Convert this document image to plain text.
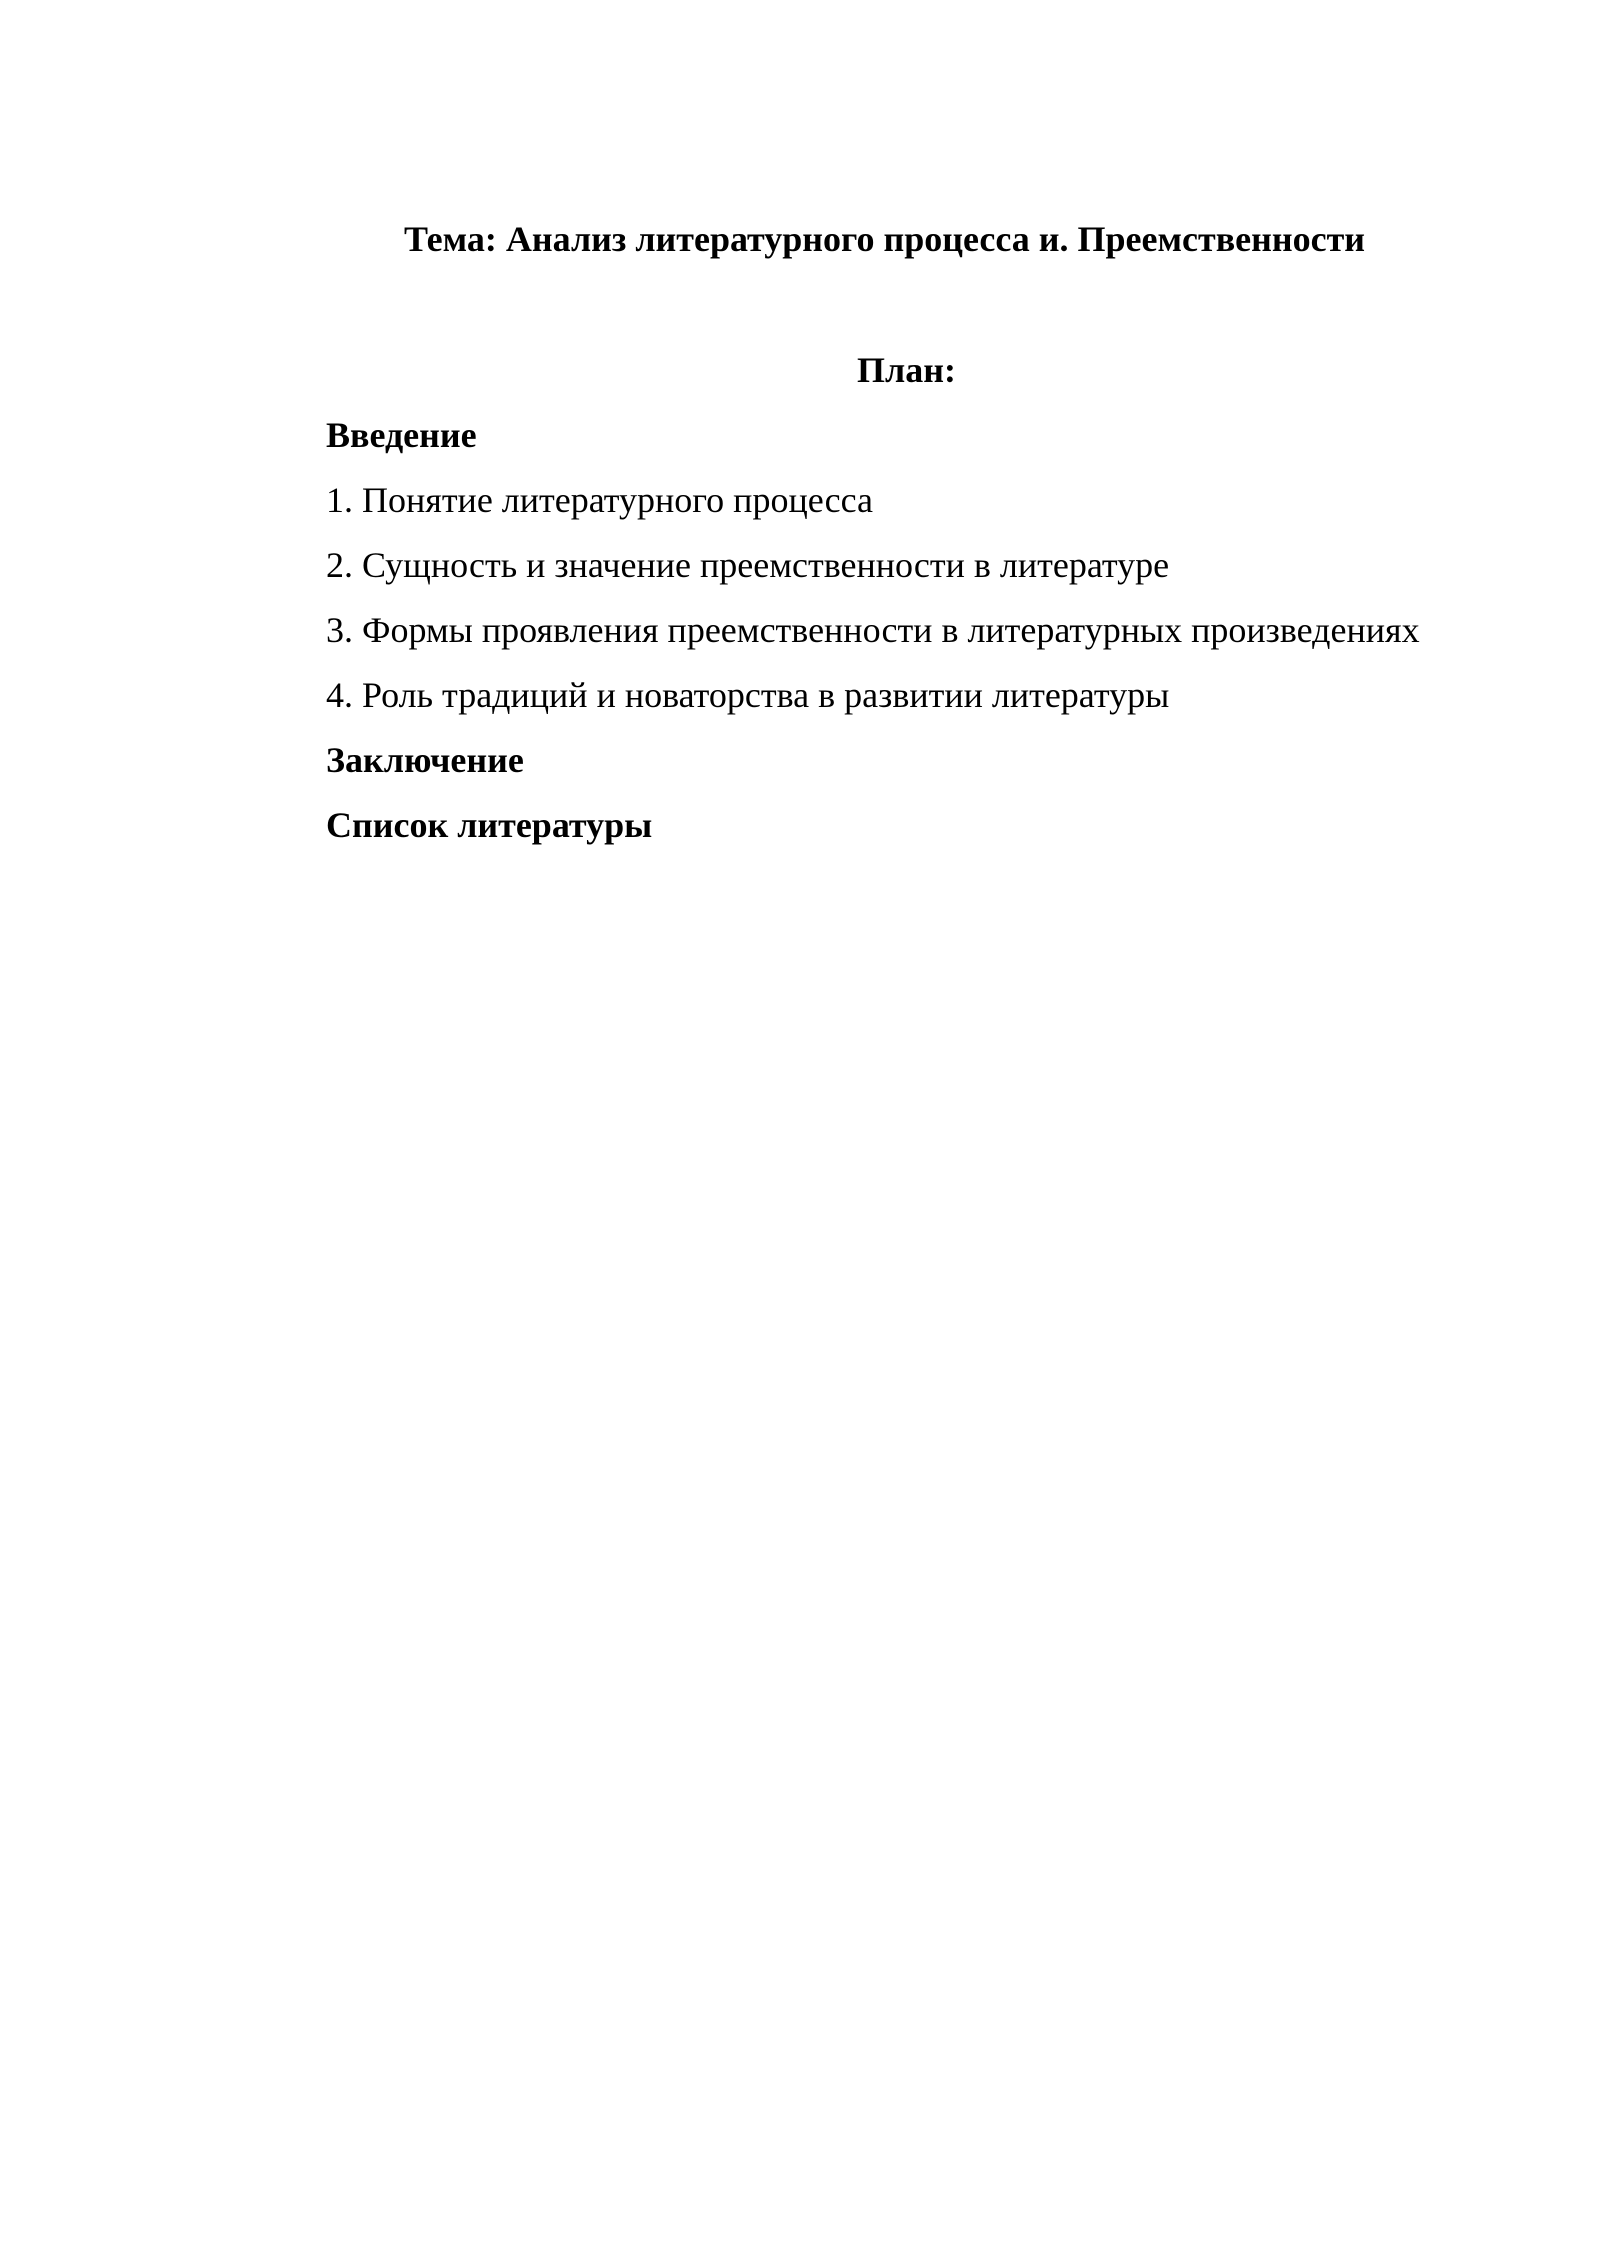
Тема: Анализ литературного процесса и. Преемственности
План:
Введение
1. Понятие литературного процесса
2. Сущность и значение преемственности в литературе
3. Формы проявления преемственности в литературных произведениях
4. Роль традиций и новаторства в развитии литературы
Заключение
Список литературы
